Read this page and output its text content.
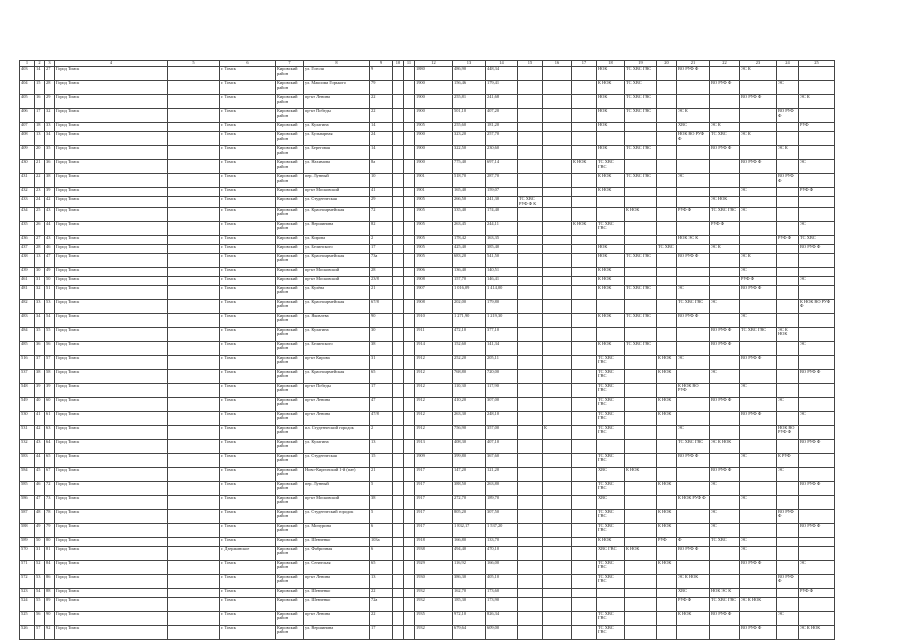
1	2	3	4	5	6	7	8	9	10	11	12	13	14	15	16	17	18	19	20	21	22	23	24	25
403	14	27	Город Томск		г. Томск	Кировский район	ул. Гоголя	9			1880	486,90	448,34				НОК	ТС ХВС ГВС		ВО РУФ Ф		ЭС К		
404	15	28	Город Томск		г. Томск	Кировский район	ул. Максима Горького	79			1900	156,46	179,41				К НОК	ТС ХВС			ВО РУФ Ф		ЭС	
405	16	29	Город Томск		г. Томск	Кировский район	пр-кт Ленина	22			1900	255,81	241,68				НОК	ТС ХВС ГВС				ВО РУФ Ф		ЭС К
406	17	32	Город Томск		г. Томск	Кировский район	пр-кт Победы	22			1900	501,10	407,20				НОК	ТС ХВС ГВС		ЭС К			ВО РУФ Ф	
407	18	33	Город Томск		г. Томск	Кировский	ул. Кулагина	14			1905	255,60	181,20				НОК			ХВС	ЭС К			РУФ
408	13	34	Город Томск		г. Томск	Кировский район	ул. Бульварная	24			1900	323,20	257,70							НОК ВО РУФ Ф	ТС ХВС	ЭС К		
409	20	35	Город Томск		г. Томск	Кировский район	ул. Береговая	14			1900	322,50	230,60				НОК	ТС ХВС ГВС			ВО РУФ Ф		ЭС К	
430	21	36	Город Томск		г. Томск	Кировский район	ул. Нахимова	8а			1900	775,40	697,14			К НОК	ТС ХВС ГВС					ВО РУФ Ф		ЭС
431	22	38	Город Томск		г. Томск	Кировский район	пер. Лунный	10			1901	518,70	287,70				К НОК	ТС ХВС ГВС		ЭС			ВО РУФ Ф	
432	23	39	Город Томск		г. Томск	Кировский	пр-кт Московский	41			1901	165,40	159,07				К НОК					ЭС		РУФ Ф
433	24	42	Город Томск		г. Томск	Кировский	ул. Студенческая	29			1905	266,50	241,30	ТС ХВС РУФ Ф К							ЭС НОК			
434	25	43	Город Томск		г. Томск	Кировский район	ул. Красноармейская	72			1905	335,40	174,40					К НОК		РУФ Ф	ТС ХВС ГВС	ЭС		
435	26	44	Город Томск		г. Томск	Кировский район	ул. Вершинина	82			1905	263,45	244,11			К НОК	ТС ХВС ГВС				РУФ Ф			ЭС
436	27	43	Город Томск		г. Томск	Кировский	ул. Кирова	2			1905	178,42	163,35							НОК ЭС К			РУФ Ф	ТС ХВС
437	28	46	Город Томск		г. Томск	Кировский	ул. Белинского	17			1905	425,40	385,40				НОК		ТС ХВС		ЭС К			ВО РУФ Ф
438	13	47	Город Томск		г. Томск	Кировский район	ул. Красноармейская	73а			1905	683,20	541,50				НОК	ТС ХВС ГВС		ВО РУФ Ф		ЭС К		
439	30	49	Город Томск		г. Томск	Кировский	пр-кт Московский	28			1906	136,40	140,51				К НОК					ЭС		
461	31	50	Город Томск		г. Томск	Кировский	пр-кт Московский	23/8			1908	157,70	146,41				К НОК					РУФ Ф		ЭС
481	32	51	Город Томск		г. Томск	Кировский район	ул. Кулёва	21			1907	1 016,09	1 414,00				К НОК	ТС ХВС ГВС		ЭС		ВО РУФ Ф		
482	33	53	Город Томск		г. Томск	Кировский район	ул. Красноармейская	67/8			1908	202,00	179,80							ТС ХВС ГВС	ЭС			К НОК ВО РУФ Ф
483	34	54	Город Томск		г. Томск	Кировский район	ул. Яковлева	90			1910	1 271,90	1 219,30				К НОК	ТС ХВС ГВС		ВО РУФ Ф		ЭС		
484	35	55	Город Томск		г. Томск	Кировский район	ул. Кулагина	30			1911	472,10	377,10								ВО РУФ Ф	ТС ХВС ГВС	ЭС К НОК	
485	36	56	Город Томск		г. Томск	Кировский район	ул. Белинского	38			1914	152,60	141,34				К НОК	ТС ХВС ГВС			ВО РУФ Ф			ЭС
516	37	57	Город Томск		г. Томск	Кировский район	пр-кт Кирова	31			1912	252,20	205,11				ТС ХВС ГВС		К НОК	ЭС		ВО РУФ Ф		
537	38	58	Город Томск		г. Томск	Кировский район	ул. Красноармейская	65			1912	768,80	720,00				ТС ХВС ГВС		К НОК		ЭС			ВО РУФ Ф
548	39	39	Город Томск		г. Томск	Кировский район	пр-кт Победы	17			1912	110,30	117,90				ТС ХВС ГВС			К НОК ВО РУФ		ЭС		
549	40	60	Город Томск		г. Томск	Кировский район	пр-кт Ленина	47			1912	410,20	307,00				ТС ХВС ГВС		К НОК		ВО РУФ Ф		ЭС	
530	41	61	Город Томск		г. Томск	Кировский район	пр-кт Ленина	47/8			1912	263,30	248,10				ТС ХВС ГВС		К НОК			ВО РУФ Ф		ЭС
531	42	63	Город Томск		г. Томск	Кировский район	пл. Студенческий городок	2			1912	756,90	357,00		К		ТС ХВС ГВС			ЭС			НОК ВО РУФ Ф	
532	43	64	Город Томск		г. Томск	Кировский район	ул. Кулагина	13			1913	408,30	407,10							ТС ХВС ГВС	ЭС К НОК			ВО РУФ Ф
583	44	65	Город Томск		г. Томск	Кировский район	ул. Студенческая	15			1909	399,80	367,60				ТС ХВС ГВС			ВО РУФ Ф		ЭС	К РУФ	
584	45	67	Город Томск		г. Томск	Кировский район	Ново-Киргизский 1-й (пат)	21			1917	147,20	121,20				ХВС	К НОК			ВО РУФ Ф		ЭС	
585	46	72	Город Томск		г. Томск	Кировский район	пер. Лунный	5			1917	388,50	263,80				ТС ХВС ГВС		К НОК		ЭС			ВО РУФ Ф
586	47	73	Город Томск		г. Томск	Кировский район	пр-кт Московский	38			1917	272,70	189,70				ХВС			К НОК РУФ Ф		ЭС		
587	48	78	Город Томск		г. Томск	Кировский район	ул. Студенческий городок	5			1917	805,20	307,50				ТС ХВС ГВС		К НОК		ЭС		ВО РУФ Ф	
588	49	79	Город Томск		г. Томск	Кировский район	ул. Мичурина	6			1917	1 832,17	1 537,20				ТС ХВС ГВС		К НОК		ЭС			ВО РУФ Ф
589	50	80	Город Томск		г. Томск	Кировский	ул. Шевченко	103а			1918	166,80	133,70				К НОК		РУФ	Ф	ТС ХВС	ЭС		
570	31	81	Город Томск		г. Дзержинское	Кировский район	ул. Фабричная	6			1938	494,40	470,10				ХВС ГВС	К НОК		ВО РУФ Ф		ЭС		
571	52	84	Город Томск		г. Томск	Кировский район	ул. Сенатская	65			1929	116,92	166,00				ТС ХВС ГВС		К НОК			ВО РУФ Ф		ЭС
572	53	86	Город Томск		г. Томск	Кировский район	пр-кт Ленина	13			1930	386,30	405,10				ТС ХВС ГВС			ЭС К НОК			ВО РУФ Ф	
523	54	88	Город Томск		г. Томск	Кировский	ул. Шевченко	22			1932	162,70	173,60							ХВС	НОК ЭС К			РУФ Ф
524	55	89	Город Томск		г. Томск	Кировский	ул. Шевченко	72а			1932	185,30	173,90							РУФ Ф	ТС ХВС ГВС	ЭС К НОК		
525	56	90	Город Томск		г. Томск	Кировский район	пр-кт Ленина	22			1935	972,10	826,34				ТС ХВС ГВС			К НОК	ВО РУФ Ф		ЭС	
526	57	92	Город Томск		г. Томск	Кировский район	ул. Вершинина	17			1932	679,64	609,00				ТС ХВС ГВС					ВО РУФ Ф		ЭС К НОК
